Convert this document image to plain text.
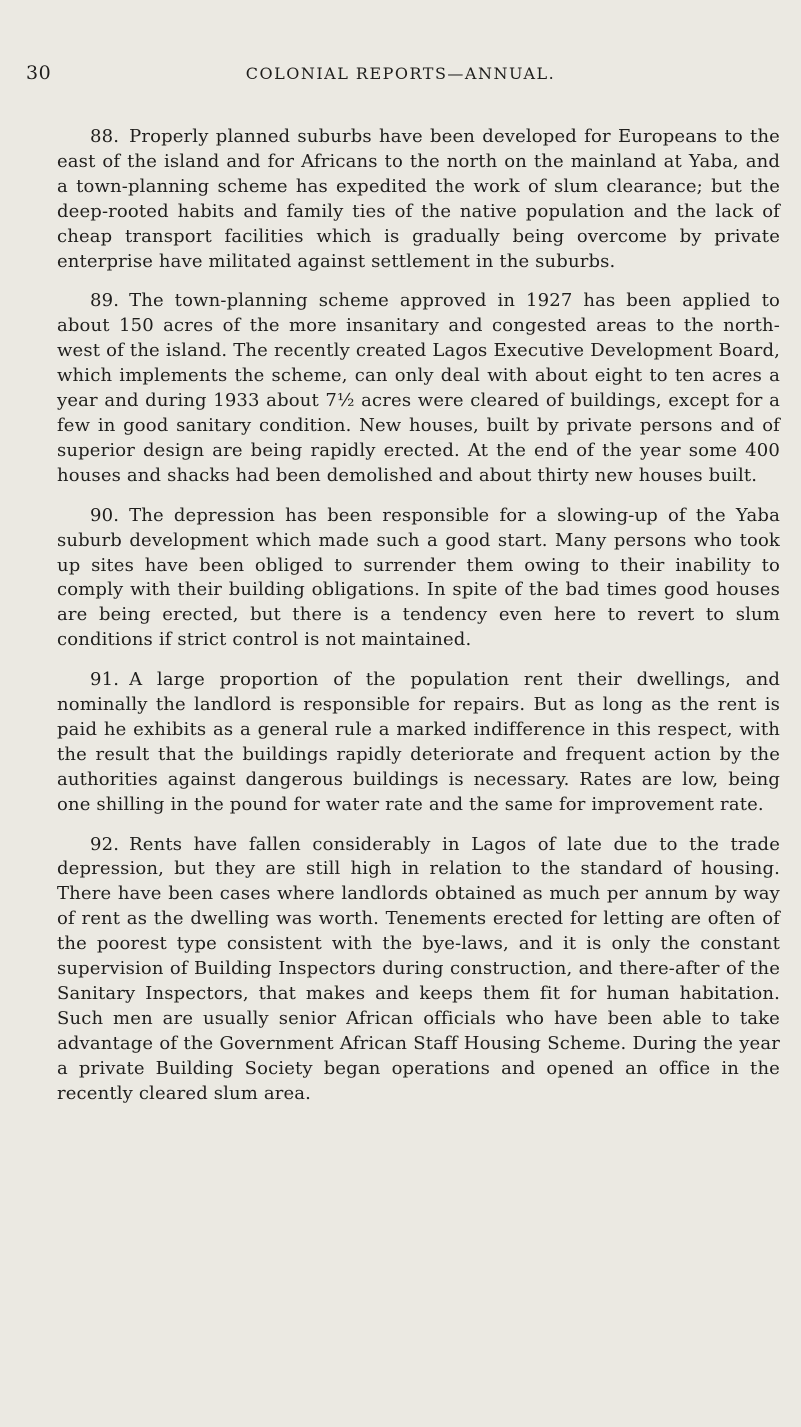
30	COLONIAL REPORTS—ANNUAL.

88. Properly planned suburbs have been developed for Europeans to the east of the island and for Africans to the north on the mainland at Yaba, and a town-planning scheme has expedited the work of slum clearance; but the deep-rooted habits and family ties of the native population and the lack of cheap transport facilities which is gradually being overcome by private enterprise have militated against settlement in the suburbs.

89. The town-planning scheme approved in 1927 has been applied to about 150 acres of the more insanitary and congested areas to the north-west of the island. The recently created Lagos Executive Development Board, which implements the scheme, can only deal with about eight to ten acres a year and during 1933 about 7½ acres were cleared of buildings, except for a few in good sanitary condition. New houses, built by private persons and of superior design are being rapidly erected. At the end of the year some 400 houses and shacks had been demolished and about thirty new houses built.

90. The depression has been responsible for a slowing-up of the Yaba suburb development which made such a good start. Many persons who took up sites have been obliged to surrender them owing to their inability to comply with their building obligations. In spite of the bad times good houses are being erected, but there is a tendency even here to revert to slum conditions if strict control is not maintained.

91. A large proportion of the population rent their dwellings, and nominally the landlord is responsible for repairs. But as long as the rent is paid he exhibits as a general rule a marked indifference in this respect, with the result that the buildings rapidly deteriorate and frequent action by the authorities against dangerous buildings is necessary. Rates are low, being one shilling in the pound for water rate and the same for improvement rate.

92. Rents have fallen considerably in Lagos of late due to the trade depression, but they are still high in relation to the standard of housing. There have been cases where landlords obtained as much per annum by way of rent as the dwelling was worth. Tenements erected for letting are often of the poorest type consistent with the bye-laws, and it is only the constant supervision of Building Inspectors during construction, and there-after of the Sanitary Inspectors, that makes and keeps them fit for human habitation. Such men are usually senior African officials who have been able to take advantage of the Government African Staff Housing Scheme. During the year a private Building Society began operations and opened an office in the recently cleared slum area.
